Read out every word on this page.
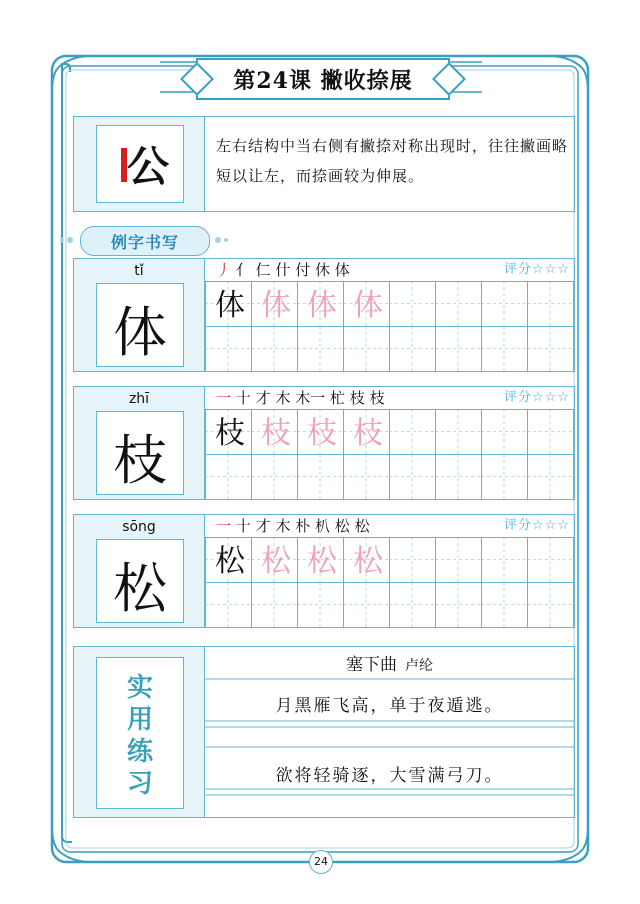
第24课 撇收捺展
公	左右结构中当右侧有撇捺对称出现时，往往撇画略短以让左，而捺画较为伸展。
例字书写
tǐ
体
丿 亻 仁 什 付 休 体	评分☆☆☆
体 体 体 体
zhī
枝
一 十 才 木 木一 杧 枝 枝	评分☆☆☆
枝 枝 枝 枝
sōng
松
一 十 才 木 朴 朳 松 松	评分☆☆☆
松 松 松 松
实用练习
塞下曲 卢纶
月黑雁飞高，单于夜遁逃。
欲将轻骑逐，大雪满弓刀。
24
